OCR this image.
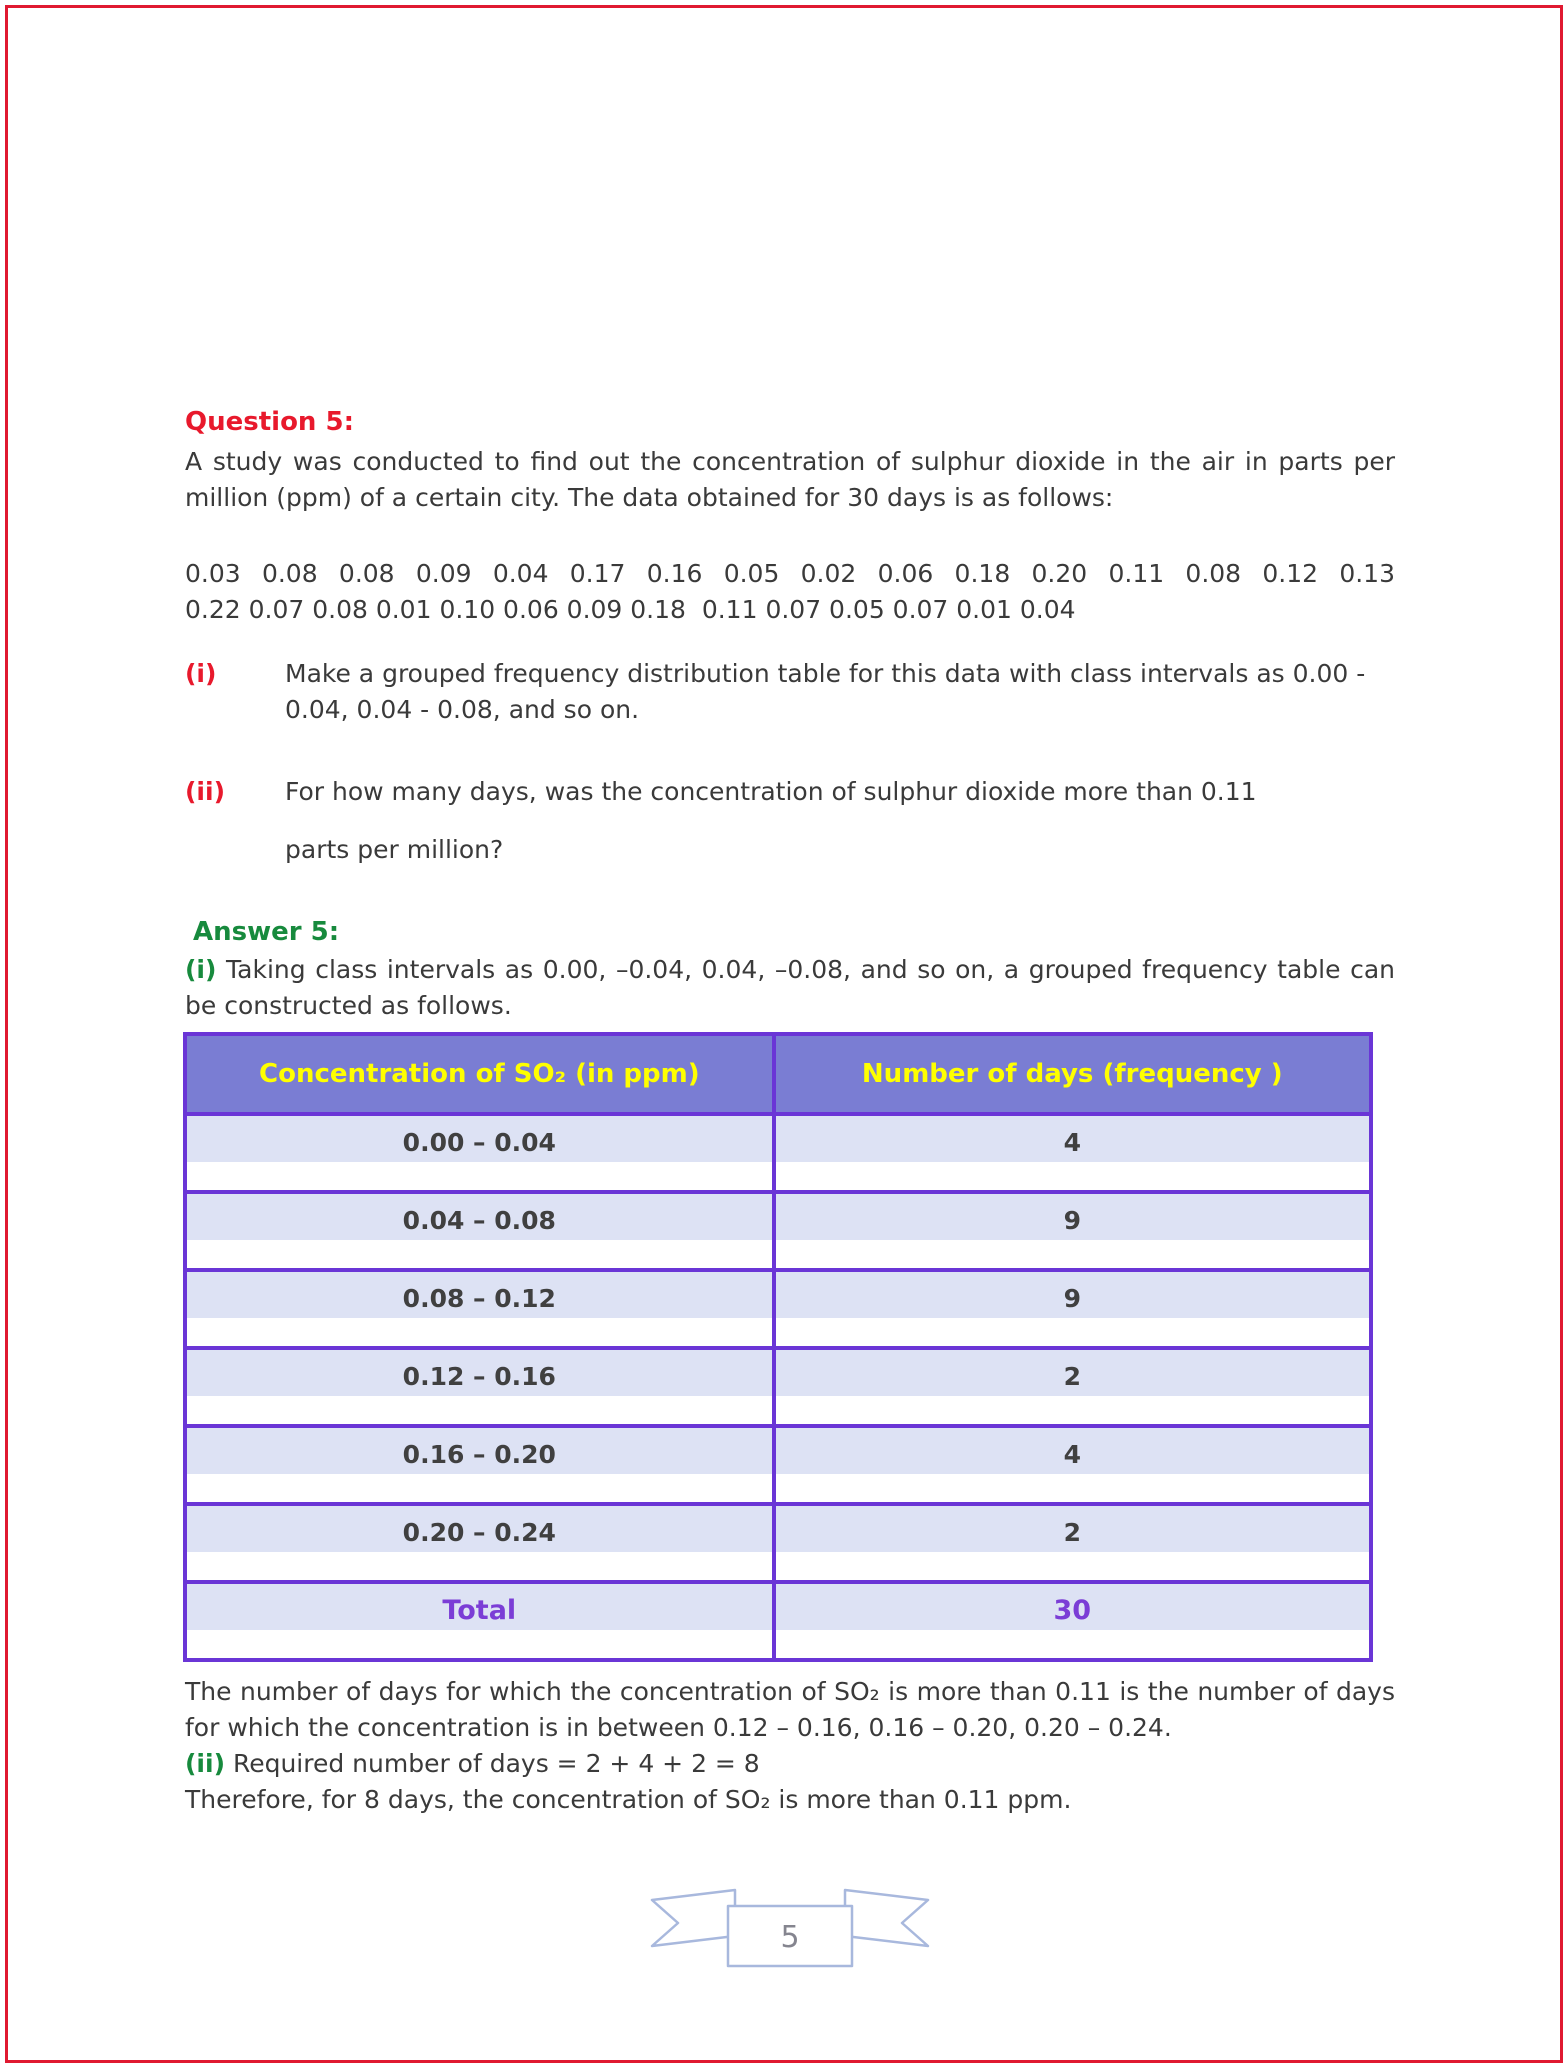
Question 5:

A study was conducted to find out the concentration of sulphur dioxide in the air in parts per million (ppm) of a certain city. The data obtained for 30 days is as follows:

0.03 0.08 0.08 0.09 0.04 0.17 0.16 0.05 0.02 0.06 0.18 0.20 0.11 0.08 0.12 0.13
0.22 0.07 0.08 0.01 0.10 0.06 0.09 0.18  0.11 0.07 0.05 0.07 0.01 0.04
(i)	Make a grouped frequency distribution table for this data with class intervals as 0.00 - 0.04, 0.04 - 0.08, and so on.
(ii)	For how many days, was the concentration of sulphur dioxide more than 0.11
parts per million?
Answer 5:

(i) Taking class intervals as 0.00, –0.04, 0.04, –0.08, and so on, a grouped frequency table can be constructed as follows.

Concentration of SO₂ (in ppm)	Number of days (frequency )
0.00 – 0.04	4
0.04 – 0.08	9
0.08 – 0.12	9
0.12 – 0.16	2
0.16 – 0.20	4
0.20 – 0.24	2
Total	30

The number of days for which the concentration of SO₂ is more than 0.11 is the number of days for which the concentration is in between 0.12 – 0.16, 0.16 – 0.20, 0.20 – 0.24.

(ii) Required number of days = 2 + 4 + 2 = 8

Therefore, for 8 days, the concentration of SO₂ is more than 0.11 ppm.

5
